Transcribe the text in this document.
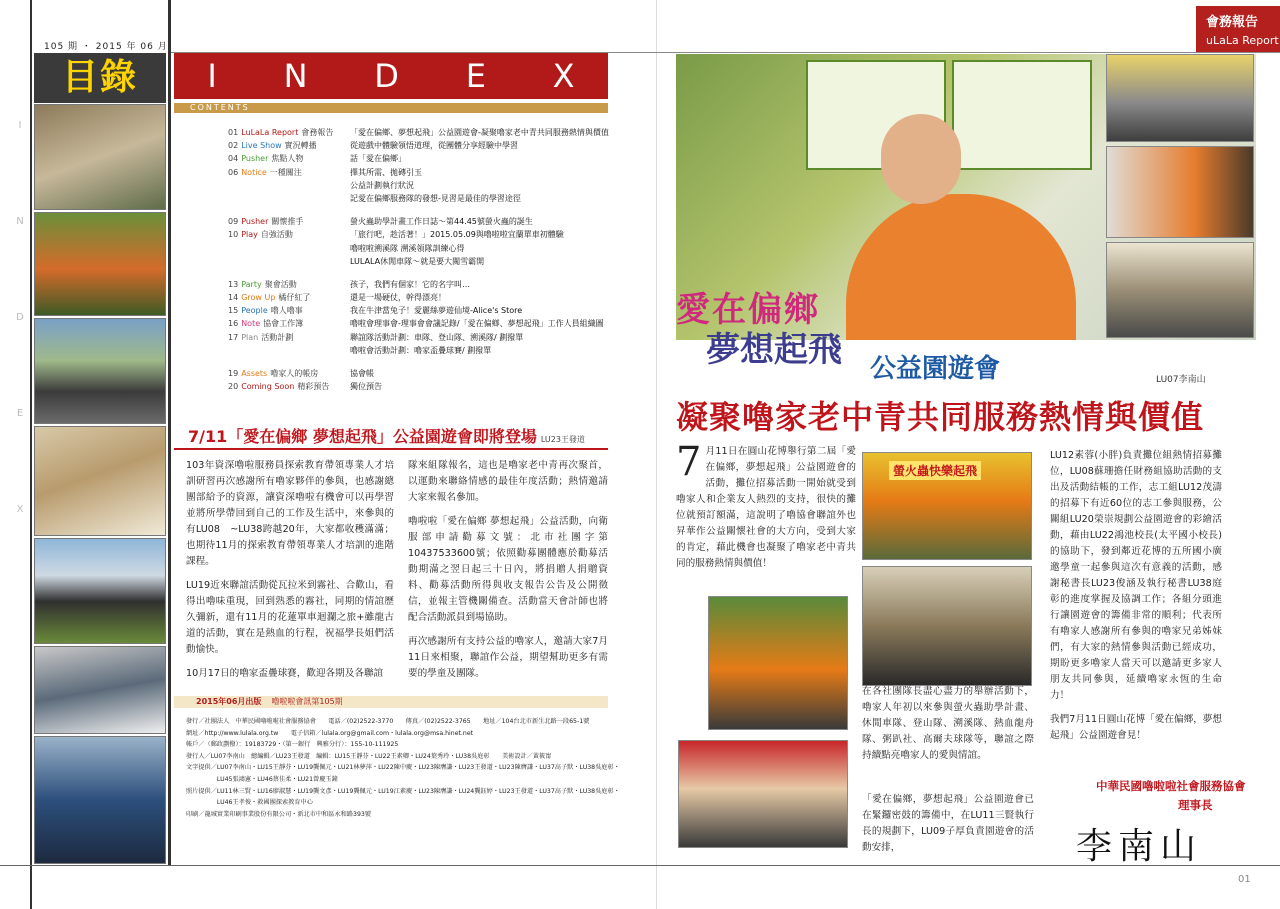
105 期 ・ 2015 年 06 月
會務報告
uLaLa Report
I
N
D
E
X
目錄	I N D E X
CONTENTS
01 LuLaLa Report 會務報告	「愛在偏鄉、夢想起飛」公益園遊會-凝聚嚕家老中青共同服務熱情與價值
02 Live Show 實況轉播	從遊戲中體驗領悟道理，從團體分享經驗中學習
04 Pusher 焦點人物	話「愛在偏鄉」
06 Notice 一種關注	擇其所需、拋磚引玉
公益計劃執行狀況
記愛在偏鄉服務隊的發想-見習是最佳的學習途徑
09 Pusher 關懷推手	螢火蟲助學計畫工作日誌～第44.45號螢火蟲的誕生
10 Play 自強活動	「旅行吧，趁活著！」2015.05.09與嚕啦啦宜蘭單車初體驗
嚕啦啦溯溪隊 溯溪領隊訓練心得
LULALA休閒車隊～就是要大闖雪霸開
13 Party 聚會活動	孩子，我們有個家！它的名字叫…
14 Grow Up 橘仔紅了	還是一場硬仗，幹得漂亮！
15 People 嚕人嚕事	我在牛津當兔子！愛麗絲夢遊仙境-Alice's Store
16 Note 協會工作簿	嚕啦會理事會-理事會會議記錄/「愛在偏鄉、夢想起飛」工作人員組織圖
17 Plan 活動計劃	聯誼隊活動計劃：車隊、登山隊、溯溪隊/ 劃撥單
嚕啦會活動計劃：嚕家盃疊球賽/ 劃撥單
19 Assets 嚕家人的帳房	協會帳
20 Coming Soon 精彩預告	獨位預告
7/11「愛在偏鄉 夢想起飛」公益園遊會即將登場 LU23王發道

103年資深嚕啦服務員探索教育帶領專業人才培訓研習再次感謝所有嚕家夥伴的參與，也感謝總團部給予的資源，讓資深嚕啦有機會可以再學習並將所學帶回到自己的工作及生活中，來參與的有LU08　~LU38跨越20年，大家都收穫滿滿；也期待11月的探索教育帶領專業人才培訓的進階課程。

LU19近來聯誼活動從瓦拉米到霧社、合歡山，看得出嚕味重現，回到熟悉的霧社，同期的情誼歷久彌新，還有11月的花蓮單車迴瀾之旅+雖龍古道的活動，實在是熱血的行程，祝福學長姐們活動愉快。

10月17日的嚕家盃疊球賽，歡迎各期及各聯誼

隊來組隊報名，這也是嚕家老中青再次聚首，以運動來聯絡情感的最佳年度活動；熱情邀請大家來報名參加。

嚕啦啦「愛在偏鄉 夢想起飛」公益活動，向衛服部申請勸募文號：北市社團字第10437533600號；依照勸募團體應於勸募活動期滿之翌日起三十日內，將捐贈人捐贈資料、勸募活動所得與收支報告公告及公開徵信，並報主管機關備查。活動當天會計師也將配合活動派員到場協助。

再次感謝所有支持公益的嚕家人，邀請大家7月11日來相聚，聯誼作公益，期望幫助更多有需要的學童及團隊。

2015年06月出版 嚕啦啦會訊第105期
發行／社團法人　中華民國嚕啦啦社會服務協會　　電話／(02)2522-3770　　傳真／(02)2522-3765　　地址／104台北市新生北路一段65-1號
網址／http://www.lulala.org.tw　　電子信箱／lulala.org@gmail.com・lulala.org@msa.hinet.net
帳戶／（郵政劃撥）：19183729・（第一銀行　興雅分行）：155-10-111925
發行人／LU07李南山　總編輯／LU23王發道　編輯：LU15王靜芬・LU22王素卿・LU24葉秀玲・LU38吳庭彰　　美術設計／黃筱甯
文字提供／LU07李南山・LU15王靜芬・LU19龔佩元・LU21林夢萍・LU22陳中慶・LU23陳膺謙・LU23王發道・LU23陳膺謙・LU37高子默・LU38吳庭彰・
　　　　　LU45張鴻憲・LU46蔡佳柔・LU21曾慶玉鐘
照片提供／LU11林三賢・LU16廖淑慧・LU19龔文彥・LU19龔佩元・LU19江素慶・LU23陳膺謙・LU24龔鈺婷・LU23王發道・LU37高子默・LU38吳庭彰・
　　　　　LU46王孝俊・救國團探索教育中心
印刷／龍城實業印刷事業股份有限公司・新北市中和區永和路393號
愛在偏鄉
夢想起飛 公益園遊會	LU07李南山
凝聚嚕家老中青共同服務熱情與價值
7 月11日在圓山花博舉行第二屆「愛在偏鄉，夢想起飛」公益園遊會的活動，攤位招募活動一開始就受到嚕家人和企業友人熱烈的支持，很快的攤位就預訂額滿，這說明了嚕協會聯誼外也昇華作公益關懷社會的大方向，受到大家的肯定，藉此機會也凝聚了嚕家老中青共同的服務熱情與價值！
螢火蟲快樂起飛
在各社團隊長盡心盡力的舉辦活動下，嚕家人年初以來參與螢火蟲助學計畫、休閒車隊、登山隊、溯溪隊、熱血龍舟隊、粥趴社、高爾夫球隊等，聯誼之際持續點亮嚕家人的愛與情誼。
「愛在偏鄉，夢想起飛」公益園遊會已在緊鑼密鼓的籌備中，在LU11三賢執行長的規劃下，LU09子厚負責園遊會的活動安排，

LU12素蓉(小胖)負責攤位組熱情招募攤位，LU08蘇珊擔任財務組協助活動的支出及活動結帳的工作，志工組LU12茂濤的招募下有近60位的志工參與服務，公關組LU20榮崇規劃公益園遊會的彩繪活動，藉由LU22鴻池校長(太平國小校長)的協助下，發到鄰近花博的五所國小廣邀學童一起參與這次有意義的活動，感謝秘書長LU23俊涵及執行秘書LU38庭彰的進度掌握及協調工作；各組分頭進行讓園遊會的籌備非常的順利；代表所有嚕家人感謝所有參與的嚕家兄弟姊妹們，有大家的熱情參與活動已經成功，期盼更多嚕家人當天可以邀請更多家人朋友共同參與，延續嚕家永恆的生命力！

我們7月11日圓山花博「愛在偏鄉，夢想起飛」公益園遊會見！

中華民國嚕啦啦社會服務協會
理事長
李南山
01
